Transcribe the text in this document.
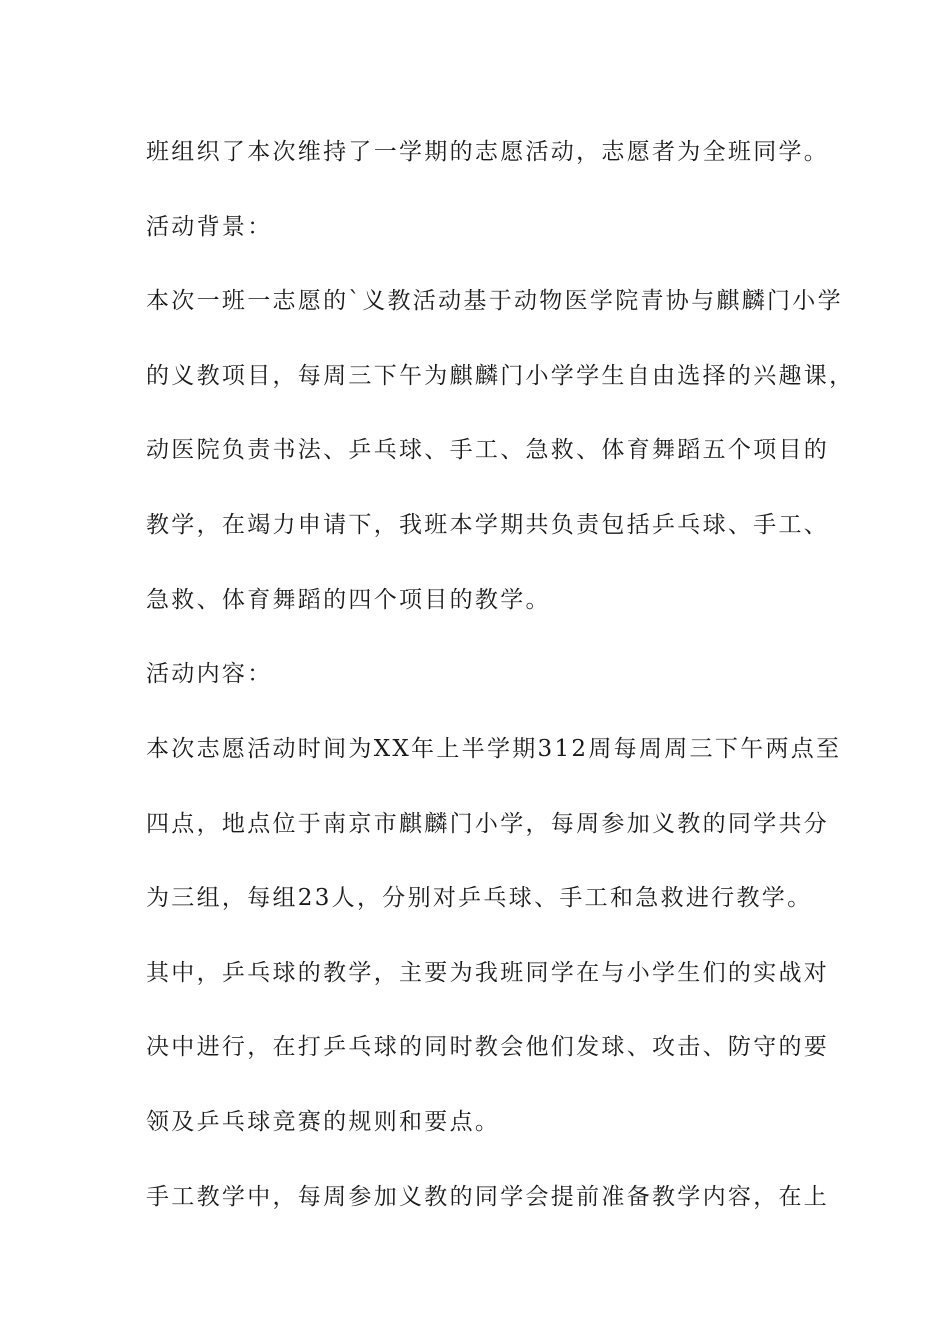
班组织了本次维持了一学期的志愿活动，志愿者为全班同学。
活动背景：
本次一班一志愿的`义教活动基于动物医学院青协与麒麟门小学
的义教项目，每周三下午为麒麟门小学学生自由选择的兴趣课，
动医院负责书法、乒乓球、手工、急救、体育舞蹈五个项目的
教学，在竭力申请下，我班本学期共负责包括乒乓球、手工、
急救、体育舞蹈的四个项目的教学。
活动内容：
本次志愿活动时间为XX年上半学期312周每周周三下午两点至
四点，地点位于南京市麒麟门小学，每周参加义教的同学共分
为三组，每组23人，分别对乒乓球、手工和急救进行教学。
其中，乒乓球的教学，主要为我班同学在与小学生们的实战对
决中进行，在打乒乓球的同时教会他们发球、攻击、防守的要
领及乒乓球竞赛的规则和要点。
手工教学中，每周参加义教的同学会提前准备教学内容，在上
